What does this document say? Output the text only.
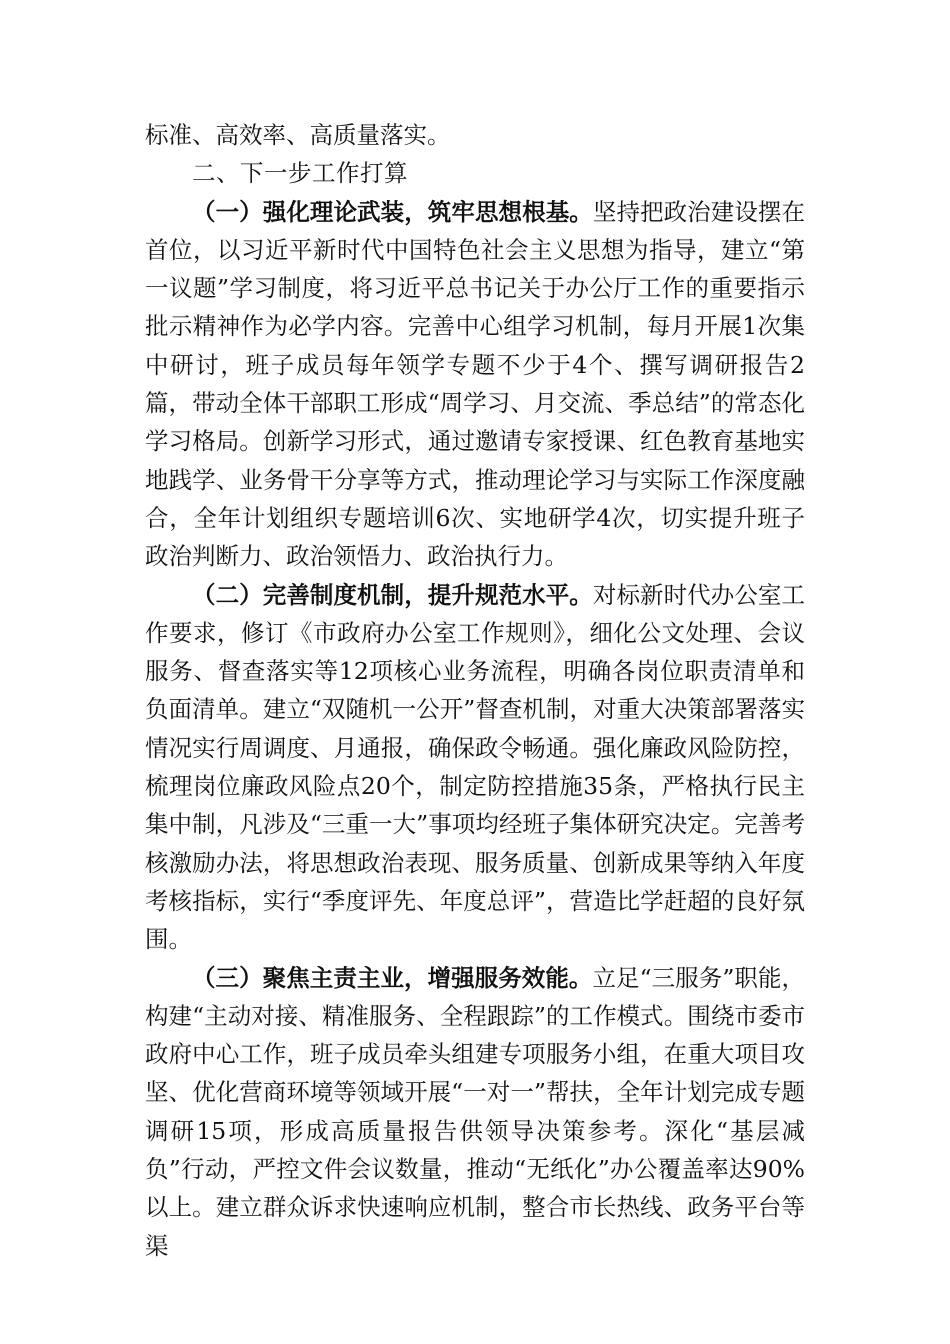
标准、高效率、高质量落实。

二、下一步工作打算

（一）强化理论武装，筑牢思想根基。坚持把政治建设摆在首位，以习近平新时代中国特色社会主义思想为指导，建立“第一议题”学习制度，将习近平总书记关于办公厅工作的重要指示批示精神作为必学内容。完善中心组学习机制，每月开展1次集中研讨，班子成员每年领学专题不少于4个、撰写调研报告2篇，带动全体干部职工形成“周学习、月交流、季总结”的常态化学习格局。创新学习形式，通过邀请专家授课、红色教育基地实地践学、业务骨干分享等方式，推动理论学习与实际工作深度融合，全年计划组织专题培训6次、实地研学4次，切实提升班子政治判断力、政治领悟力、政治执行力。

（二）完善制度机制，提升规范水平。对标新时代办公室工作要求，修订《市政府办公室工作规则》，细化公文处理、会议服务、督查落实等12项核心业务流程，明确各岗位职责清单和负面清单。建立“双随机一公开”督查机制，对重大决策部署落实情况实行周调度、月通报，确保政令畅通。强化廉政风险防控，梳理岗位廉政风险点20个，制定防控措施35条，严格执行民主集中制，凡涉及“三重一大”事项均经班子集体研究决定。完善考核激励办法，将思想政治表现、服务质量、创新成果等纳入年度考核指标，实行“季度评先、年度总评”，营造比学赶超的良好氛围。

（三）聚焦主责主业，增强服务效能。立足“三服务”职能，构建“主动对接、精准服务、全程跟踪”的工作模式。围绕市委市政府中心工作，班子成员牵头组建专项服务小组，在重大项目攻坚、优化营商环境等领域开展“一对一”帮扶，全年计划完成专题调研15项，形成高质量报告供领导决策参考。深化“基层减负”行动，严控文件会议数量，推动“无纸化”办公覆盖率达90%以上。建立群众诉求快速响应机制，整合市长热线、政务平台等渠
